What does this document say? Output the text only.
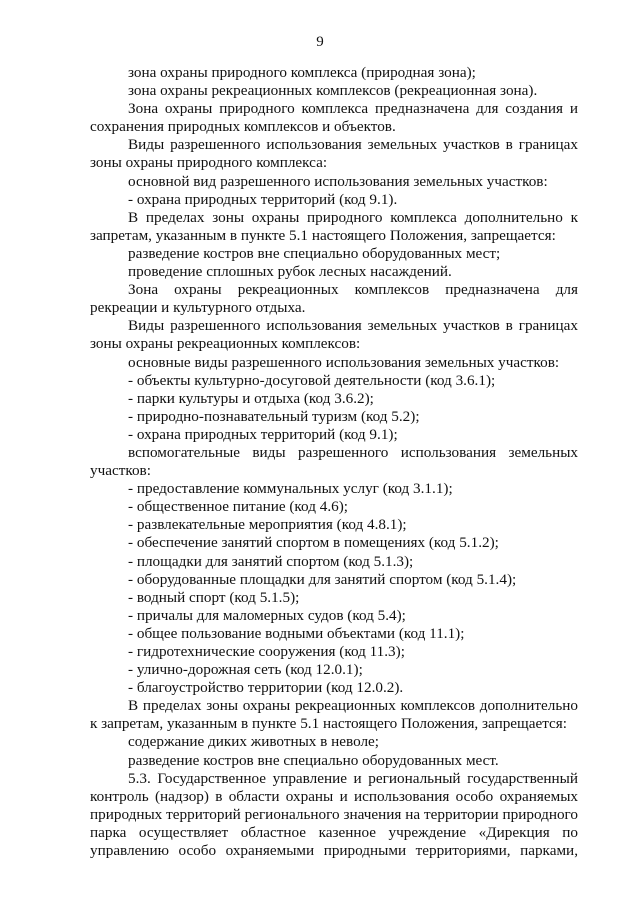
9

зона охраны природного комплекса (природная зона);

зона охраны рекреационных комплексов (рекреационная зона).

Зона охраны природного комплекса предназначена для создания и сохранения природных комплексов и объектов.

Виды разрешенного использования земельных участков в границах зоны охраны природного комплекса:

основной вид разрешенного использования земельных участков:

- охрана природных территорий (код 9.1).

В пределах зоны охраны природного комплекса дополнительно к запретам, указанным в пункте 5.1 настоящего Положения, запрещается:

разведение костров вне специально оборудованных мест;

проведение сплошных рубок лесных насаждений.

Зона охраны рекреационных комплексов предназначена для рекреации и культурного отдыха.

Виды разрешенного использования земельных участков в границах зоны охраны рекреационных комплексов:

основные виды разрешенного использования земельных участков:

- объекты культурно-досуговой деятельности (код 3.6.1);

- парки культуры и отдыха (код 3.6.2);

- природно-познавательный туризм (код 5.2);

- охрана природных территорий (код 9.1);

вспомогательные виды разрешенного использования земельных участков:

- предоставление коммунальных услуг (код 3.1.1);

- общественное питание (код 4.6);

- развлекательные мероприятия (код 4.8.1);

- обеспечение занятий спортом в помещениях (код 5.1.2);

- площадки для занятий спортом (код 5.1.3);

- оборудованные площадки для занятий спортом (код 5.1.4);

- водный спорт (код 5.1.5);

- причалы для маломерных судов (код 5.4);

- общее пользование водными объектами (код 11.1);

- гидротехнические сооружения (код 11.3);

- улично-дорожная сеть (код 12.0.1);

- благоустройство территории (код 12.0.2).

В пределах зоны охраны рекреационных комплексов дополнительно к запретам, указанным в пункте 5.1 настоящего Положения, запрещается:

содержание диких животных в неволе;

разведение костров вне специально оборудованных мест.

5.3. Государственное управление и региональный государственный контроль (надзор) в области охраны и использования особо охраняемых природных территорий регионального значения на территории природного парка осуществляет областное казенное учреждение «Дирекция по управлению особо охраняемыми природными территориями, парками,
